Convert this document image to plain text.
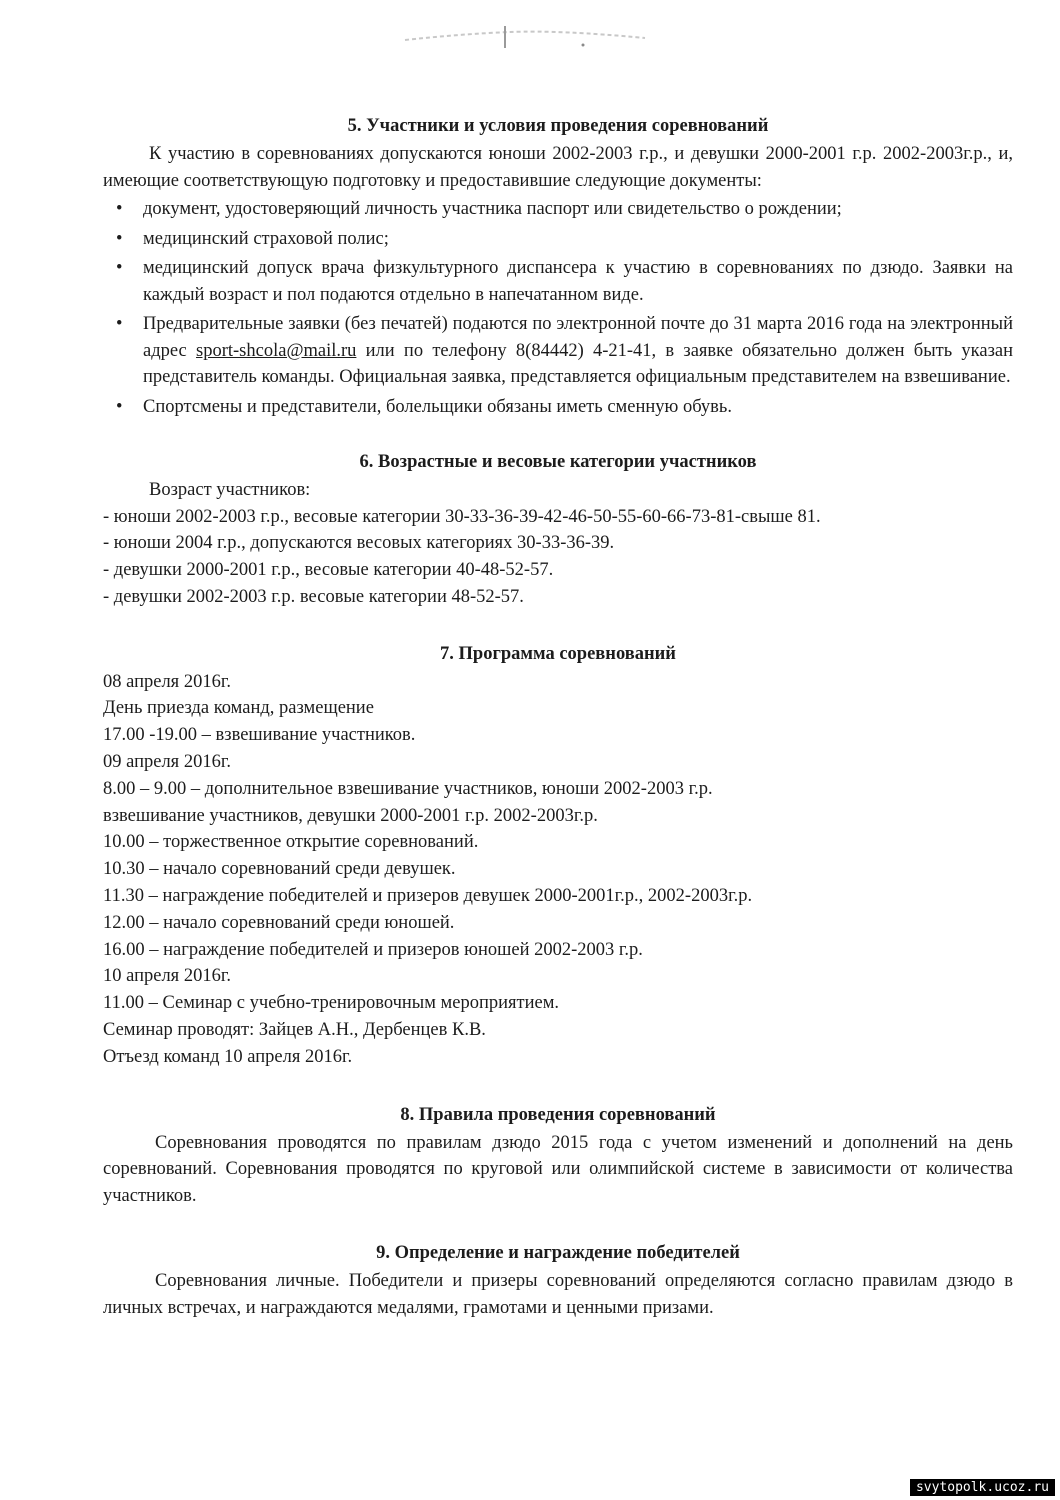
5. Участники и условия проведения соревнований

К участию в соревнованиях допускаются юноши 2002-2003 г.р., и девушки 2000-2001 г.р. 2002-2003г.р., и, имеющие соответствующую подготовку и предоставившие следующие документы:

• документ, удостоверяющий личность участника паспорт или свидетельство о рождении;
• медицинский страховой полис;
• медицинский допуск врача физкультурного диспансера к участию в соревнованиях по дзюдо. Заявки на каждый возраст и пол подаются отдельно в напечатанном виде.
• Предварительные заявки (без печатей) подаются по электронной почте до 31 марта 2016 года на электронный адрес sport-shcola@mail.ru или по телефону 8(84442) 4-21-41, в заявке обязательно должен быть указан представитель команды. Официальная заявка, представляется официальным представителем на взвешивание.
• Спортсмены и представители, болельщики обязаны иметь сменную обувь.
6. Возрастные и весовые категории участников

Возраст участников:

- юноши 2002-2003 г.р., весовые категории 30-33-36-39-42-46-50-55-60-66-73-81-свыше 81.
- юноши 2004 г.р., допускаются весовых категориях 30-33-36-39.
- девушки 2000-2001 г.р., весовые категории 40-48-52-57.
- девушки 2002-2003 г.р. весовые категории 48-52-57.
7. Программа соревнований
08 апреля 2016г.
День приезда команд, размещение
17.00 -19.00 – взвешивание участников.
09 апреля 2016г.
8.00 – 9.00 – дополнительное взвешивание участников, юноши 2002-2003 г.р.
взвешивание участников, девушки 2000-2001 г.р. 2002-2003г.р.
10.00 – торжественное открытие соревнований.
10.30 – начало соревнований среди девушек.
11.30 – награждение победителей и призеров девушек 2000-2001г.р., 2002-2003г.р.
12.00 – начало соревнований среди юношей.
16.00 – награждение победителей и призеров юношей 2002-2003 г.р.
10 апреля 2016г.
11.00 – Семинар с учебно-тренировочным мероприятием.
Семинар проводят: Зайцев А.Н., Дербенцев К.В.
Отъезд команд 10 апреля 2016г.
8. Правила проведения соревнований

Соревнования проводятся по правилам дзюдо 2015 года с учетом изменений и дополнений на день соревнований. Соревнования проводятся по круговой или олимпийской системе в зависимости от количества участников.

9. Определение и награждение победителей

Соревнования личные. Победители и призеры соревнований определяются согласно правилам дзюдо в личных встречах, и награждаются медалями, грамотами и ценными призами.

svytopolk.ucoz.ru
